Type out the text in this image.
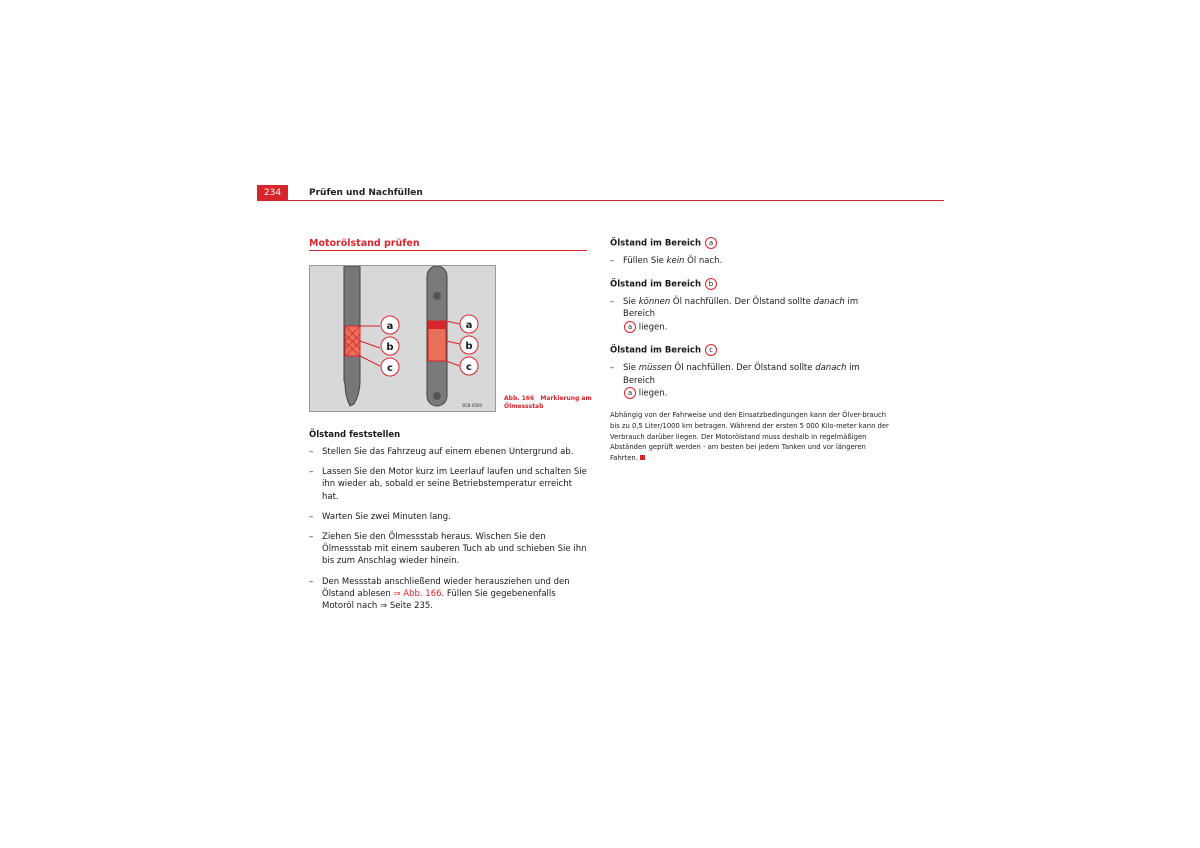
234	Prüfen und Nachfüllen
Motorölstand prüfen
a
b
c
a
b
c
B5B-0590
Abb. 166 Markierung am Ölmessstab
Ölstand feststellen
– Stellen Sie das Fahrzeug auf einem ebenen Untergrund ab.
– Lassen Sie den Motor kurz im Leerlauf laufen und schalten Sie ihn wieder ab, sobald er seine Betriebstemperatur erreicht hat.
– Warten Sie zwei Minuten lang.
– Ziehen Sie den Ölmessstab heraus. Wischen Sie den Ölmessstab mit einem sauberen Tuch ab und schieben Sie ihn bis zum Anschlag wieder hinein.
– Den Messstab anschließend wieder herausziehen und den Ölstand ablesen ⇒ Abb. 166. Füllen Sie gegebenenfalls Motoröl nach ⇒ Seite 235.
Ölstand im Bereich a
– Füllen Sie kein Öl nach.
Ölstand im Bereich b
– Sie können Öl nachfüllen. Der Ölstand sollte danach im Bereich
a liegen.
Ölstand im Bereich c
– Sie müssen Öl nachfüllen. Der Ölstand sollte danach im Bereich
a liegen.
Abhängig von der Fahrweise und den Einsatzbedingungen kann der Ölver-brauch bis zu 0,5 Liter/1000 km betragen. Während der ersten 5 000 Kilo-meter kann der Verbrauch darüber liegen. Der Motorölstand muss deshalb in regelmäßigen Abständen geprüft werden - am besten bei jedem Tanken und vor längeren Fahrten.
